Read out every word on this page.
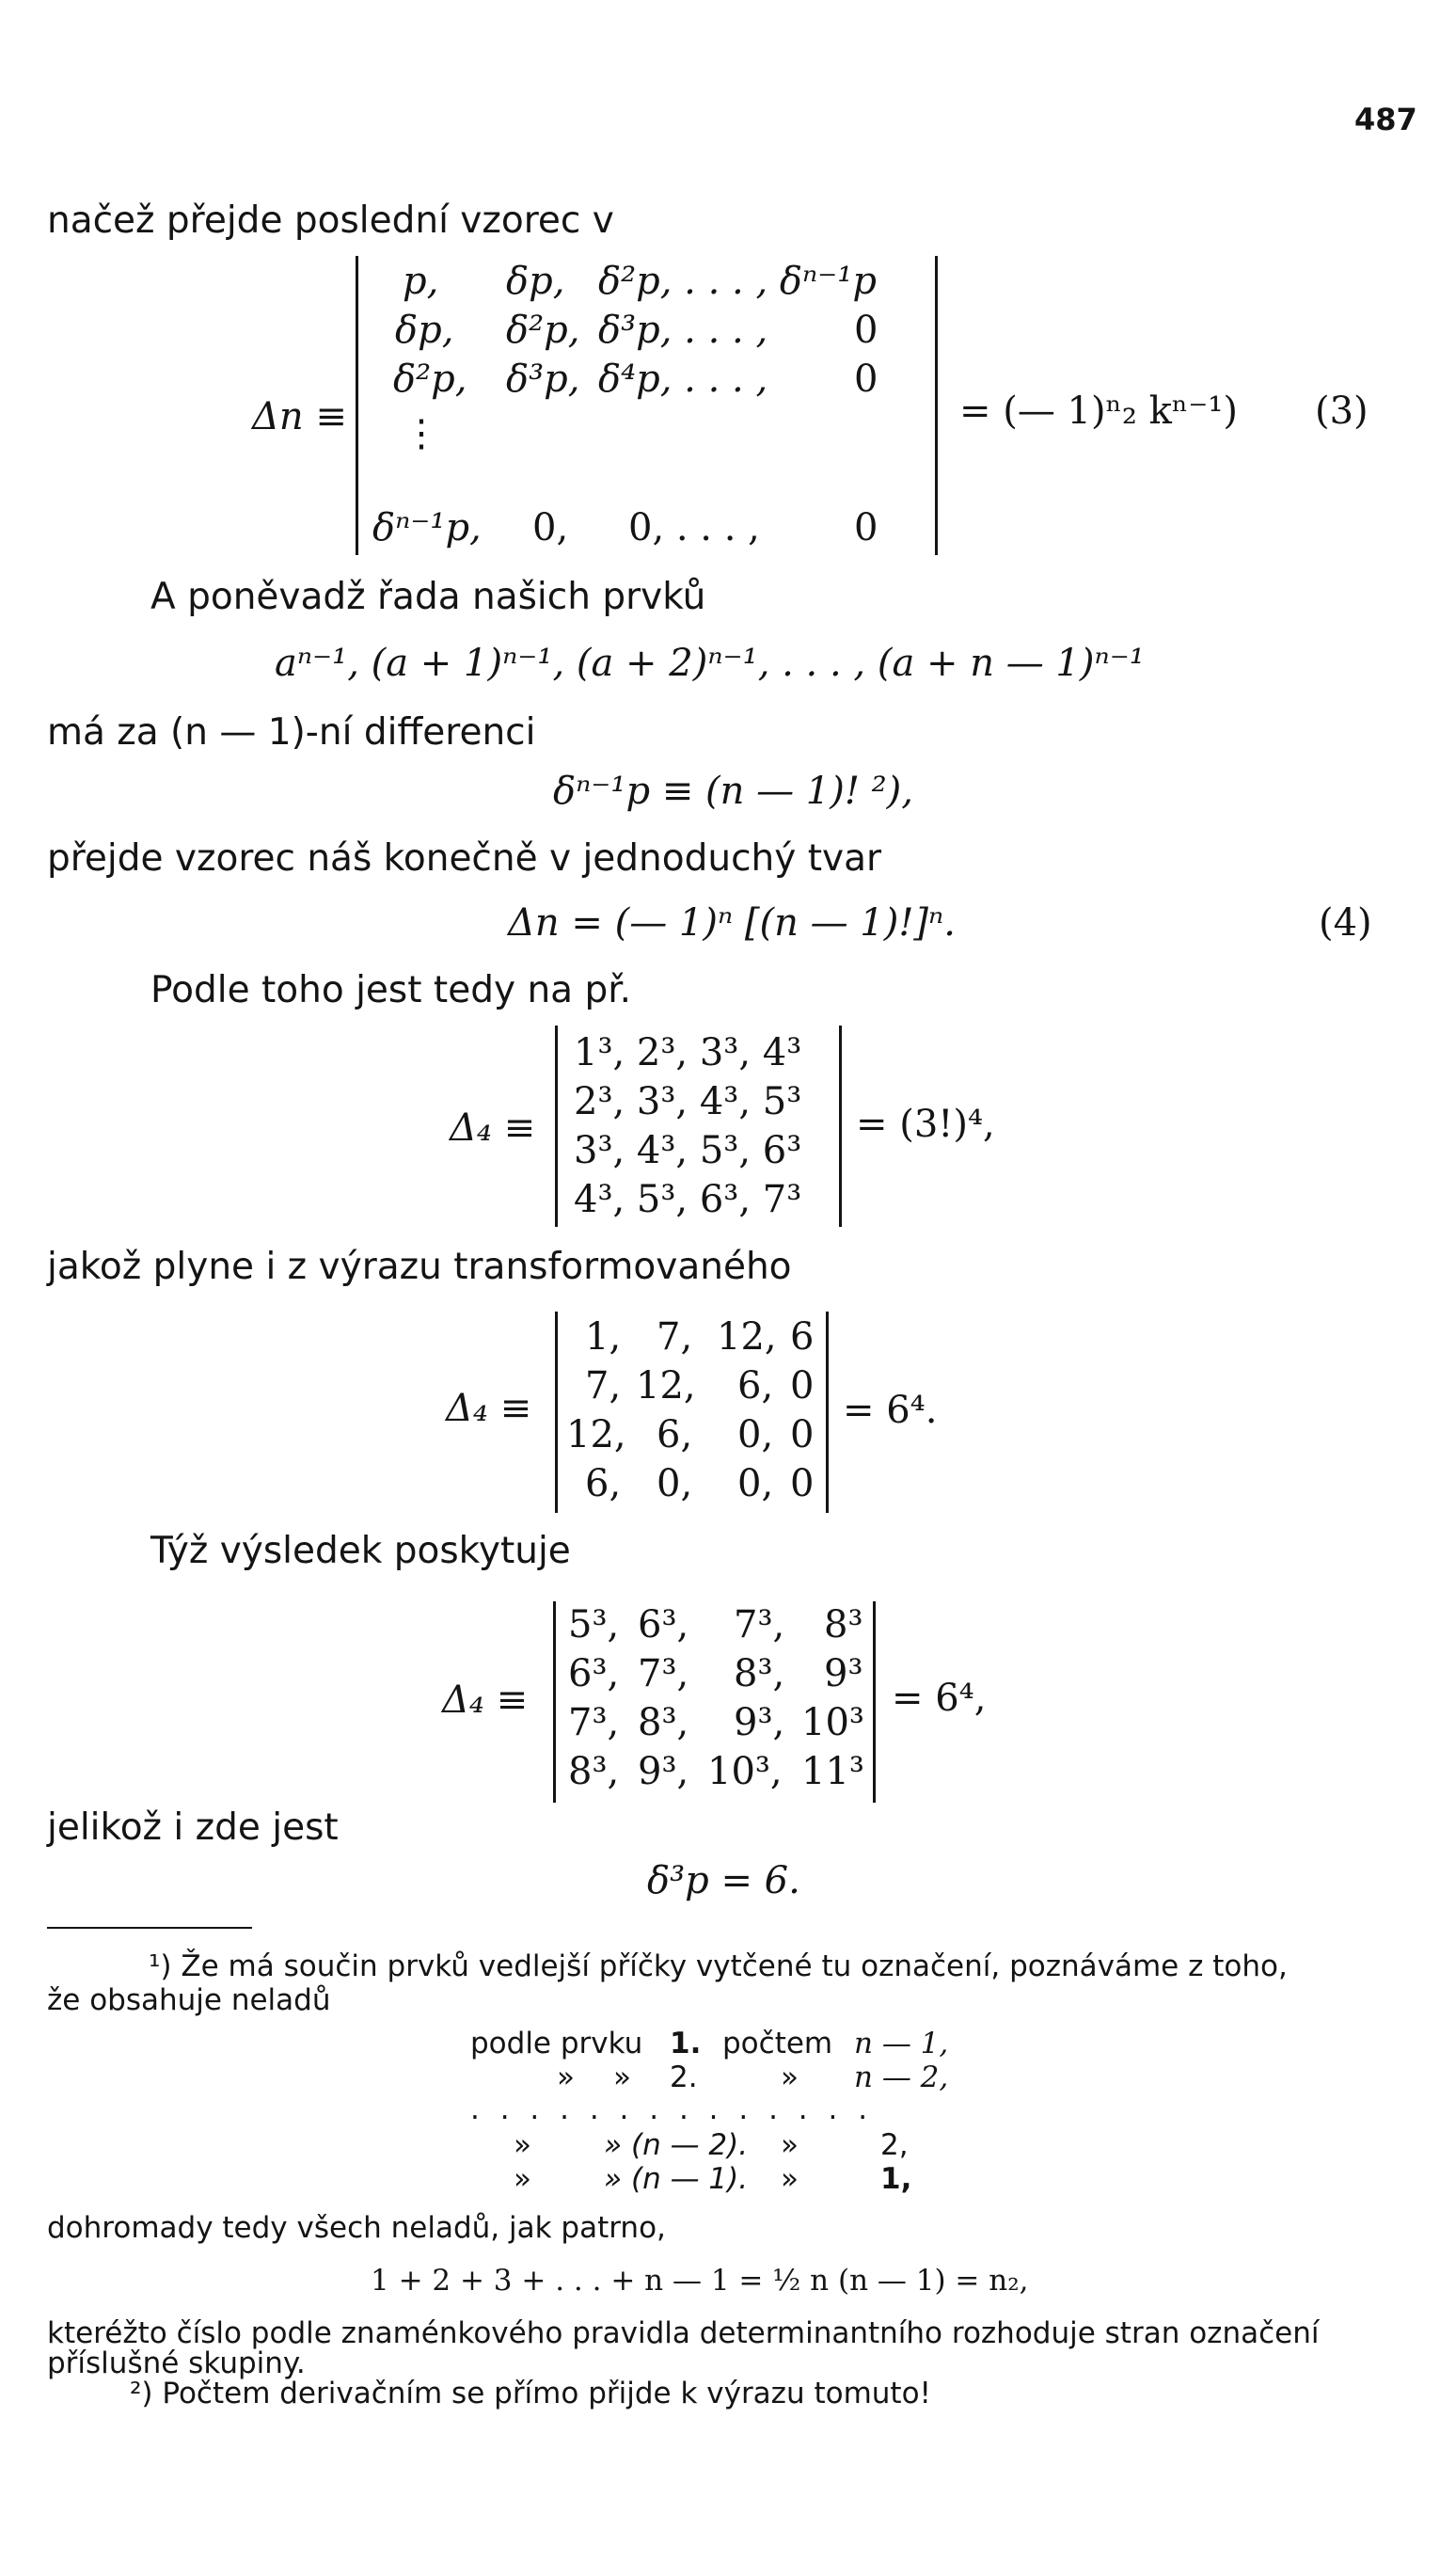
487
načež přejde poslední vzorec v
Δn ≡
p, δp, δ²p, . . . , δⁿ⁻¹p
δp, δ²p, δ³p, . . . , 0
δ²p, δ³p, δ⁴p, . . . , 0
⋮
δⁿ⁻¹p, 0, 0, . . . ,	0
= (— 1)ⁿ₂ kⁿ⁻¹) (3)
A poněvadž řada našich prvků
aⁿ⁻¹, (a + 1)ⁿ⁻¹, (a + 2)ⁿ⁻¹, . . . , (a + n — 1)ⁿ⁻¹
má za (n — 1)-ní differenci
δⁿ⁻¹p ≡ (n — 1)! ²),
přejde vzorec náš konečně v jednoduchý tvar
Δn = (— 1)ⁿ [(n — 1)!]ⁿ.	(4)
Podle toho jest tedy na př.
Δ₄ ≡
1³, 2³, 3³, 4³
2³, 3³, 4³, 5³
3³, 4³, 5³, 6³
4³, 5³, 6³, 7³
= (3!)⁴,
jakož plyne i z výrazu transformovaného
Δ₄ ≡
1, 7, 12, 6
7, 12, 6, 0
12, 6, 0, 0
6, 0, 0, 0
= 6⁴.
Týž výsledek poskytuje
Δ₄ ≡
5³, 6³, 7³, 8³
6³, 7³, 8³, 9³
7³, 8³, 9³, 10³
8³, 9³, 10³, 11³
= 6⁴,
jelikož i zde jest
δ³p = 6.
¹) Že má součin prvků vedlejší příčky vytčené tu označení, poznáváme z toho,
že obsahuje neladů
podle prvku 1. počtem n — 1,
» » 2.	» n — 2,
. . . . . . . . . . . . . .
» » (n — 2). »	2,
» » (n — 1). »	1,
dohromady tedy všech neladů, jak patrno,
1 + 2 + 3 + . . . + n — 1 = ½ n (n — 1) = n₂,
kteréžto číslo podle znaménkového pravidla determinantního rozhoduje stran označení
příslušné skupiny.
²) Počtem derivačním se přímo přijde k výrazu tomuto!
